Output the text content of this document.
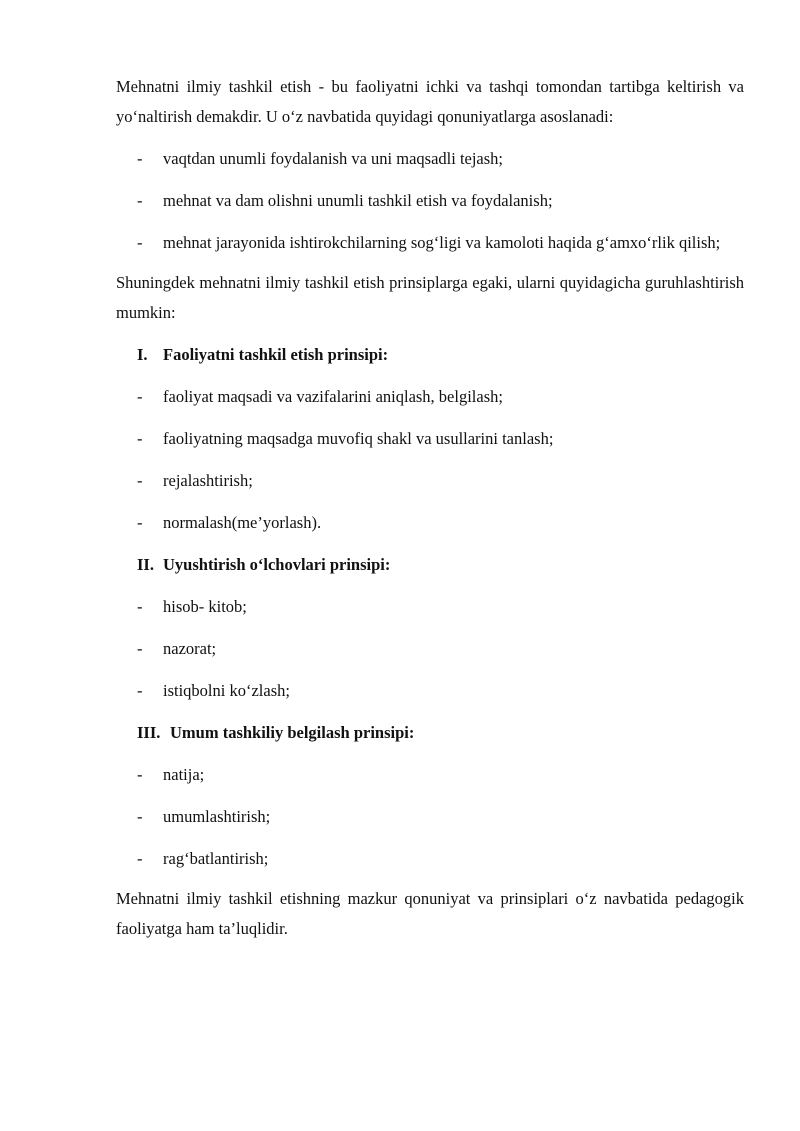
Mehnatni ilmiy tashkil etish - bu faoliyatni ichki va tashqi tomondan tartibga keltirish va yo‘naltirish demakdir. U o‘z navbatida quyidagi qonuniyatlarga asoslanadi:

- vaqtdan unumli foydalanish va uni maqsadli tejash;
- mehnat va dam olishni unumli tashkil etish va foydalanish;
- mehnat jarayonida ishtirokchilarning sog‘ligi va kamoloti haqida g‘amxo‘rlik qilish;

Shuningdek mehnatni ilmiy tashkil etish prinsiplarga egaki, ularni quyidagicha guruhlashtirish mumkin:

I. Faoliyatni tashkil etish prinsipi:
- faoliyat maqsadi va vazifalarini aniqlash, belgilash;
- faoliyatning maqsadga muvofiq shakl va usullarini tanlash;
- rejalashtirish;
- normalash(me’yorlash).
II. Uyushtirish o‘lchovlari prinsipi:
- hisob- kitob;
- nazorat;
- istiqbolni ko‘zlash;
III. Umum tashkiliy belgilash prinsipi:
- natija;
- umumlashtirish;
- rag‘batlantirish;

Mehnatni ilmiy tashkil etishning mazkur qonuniyat va prinsiplari o‘z navbatida pedagogik faoliyatga ham ta’luqlidir.
